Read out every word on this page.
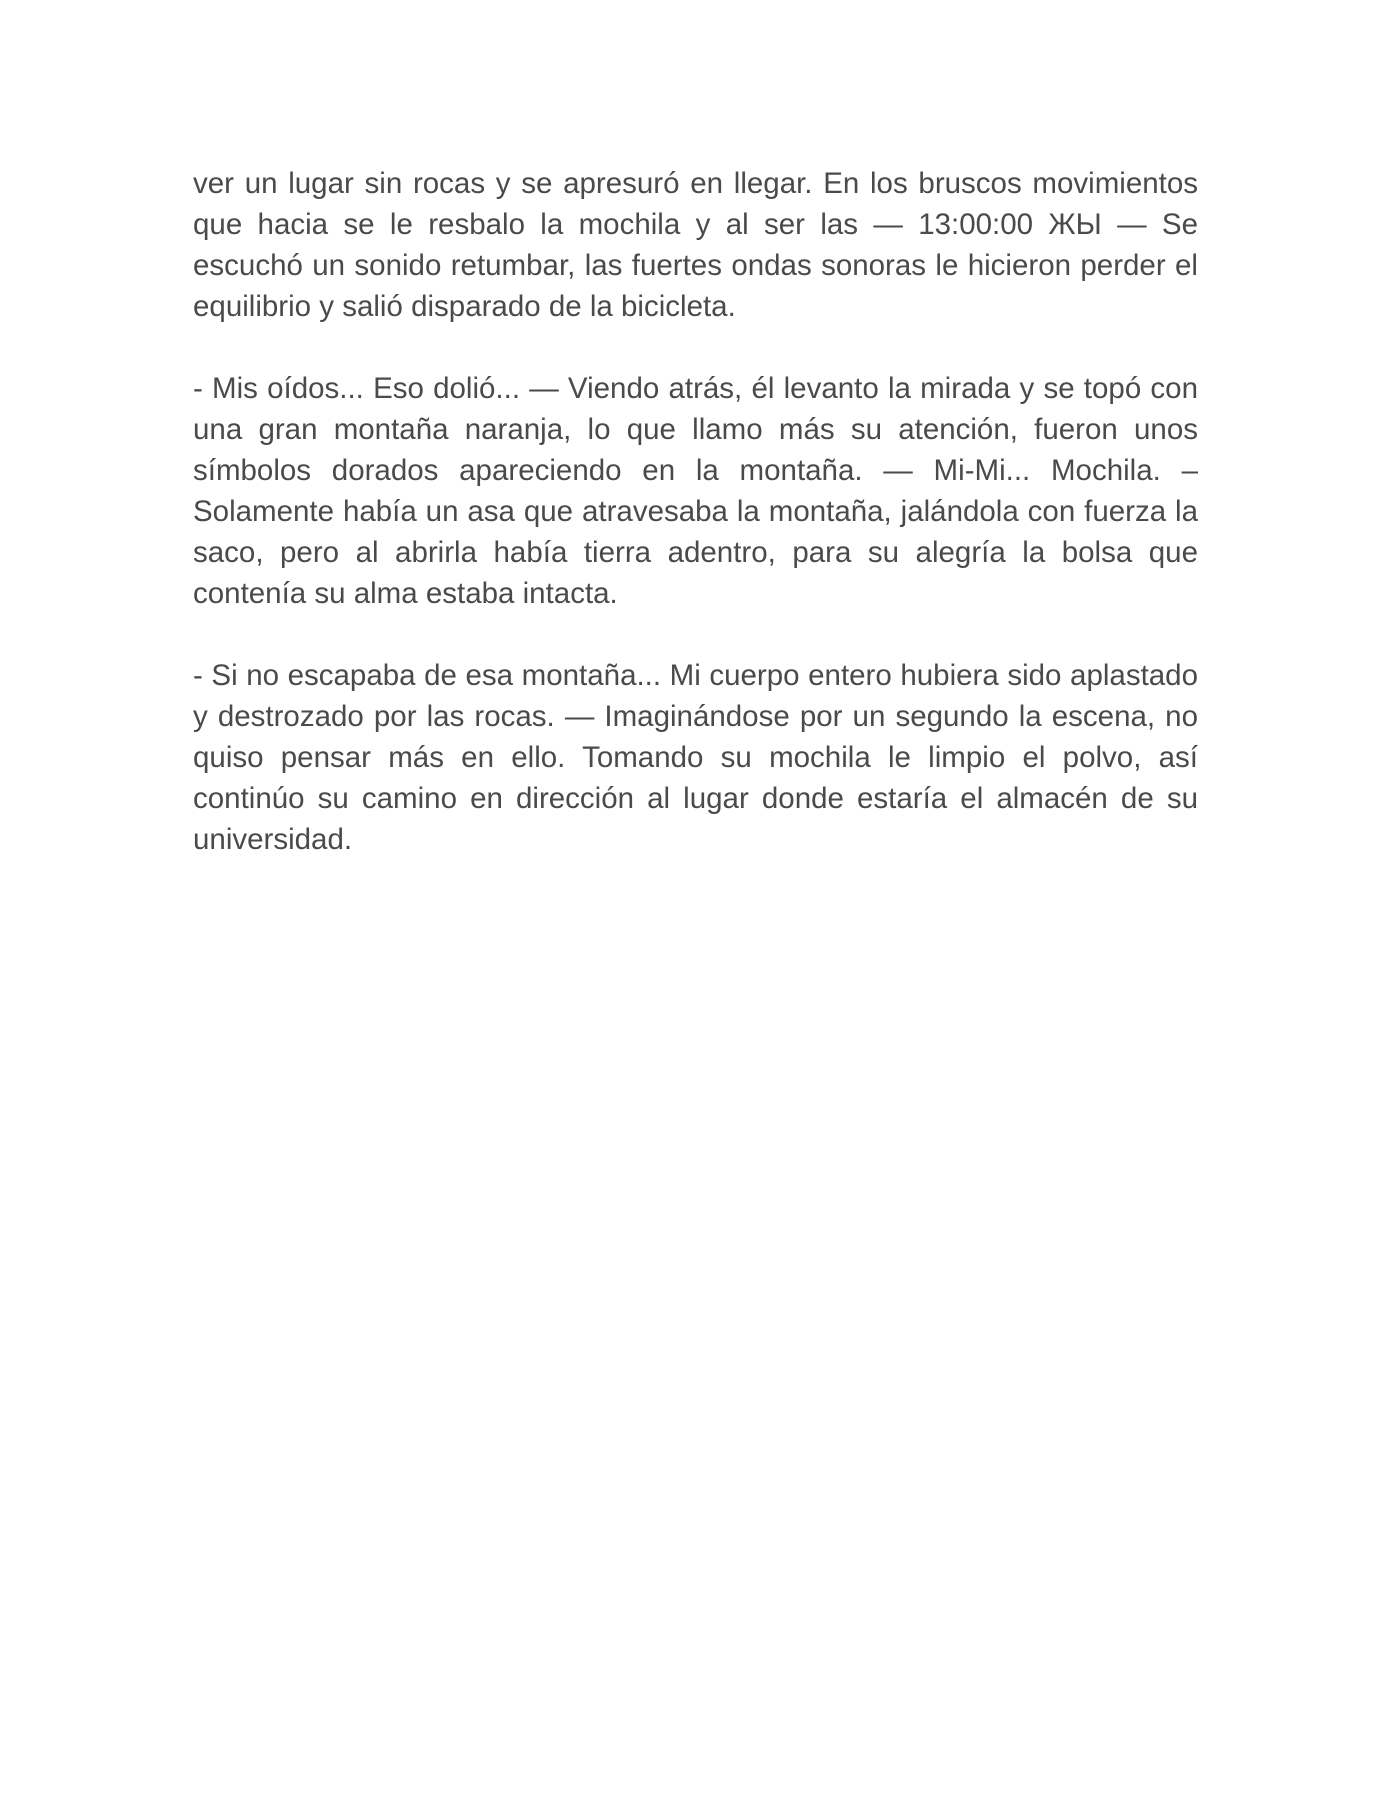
ver un lugar sin rocas y se apresuró en llegar. En los bruscos movimientos que hacia se le resbalo la mochila y al ser las — 13:00:00 ЖЫ — Se escuchó un sonido retumbar, las fuertes ondas sonoras le hicieron perder el equilibrio y salió disparado de la bicicleta.

- Mis oídos... Eso dolió... — Viendo atrás, él levanto la mirada y se topó con una gran montaña naranja, lo que llamo más su atención, fueron unos símbolos dorados apareciendo en la montaña. — Mi-Mi... Mochila. – Solamente había un asa que atravesaba la montaña, jalándola con fuerza la saco, pero al abrirla había tierra adentro, para su alegría la bolsa que contenía su alma estaba intacta.

- Si no escapaba de esa montaña... Mi cuerpo entero hubiera sido aplastado y destrozado por las rocas. — Imaginándose por un segundo la escena, no quiso pensar más en ello. Tomando su mochila le limpio el polvo, así continúo su camino en dirección al lugar donde estaría el almacén de su universidad.
